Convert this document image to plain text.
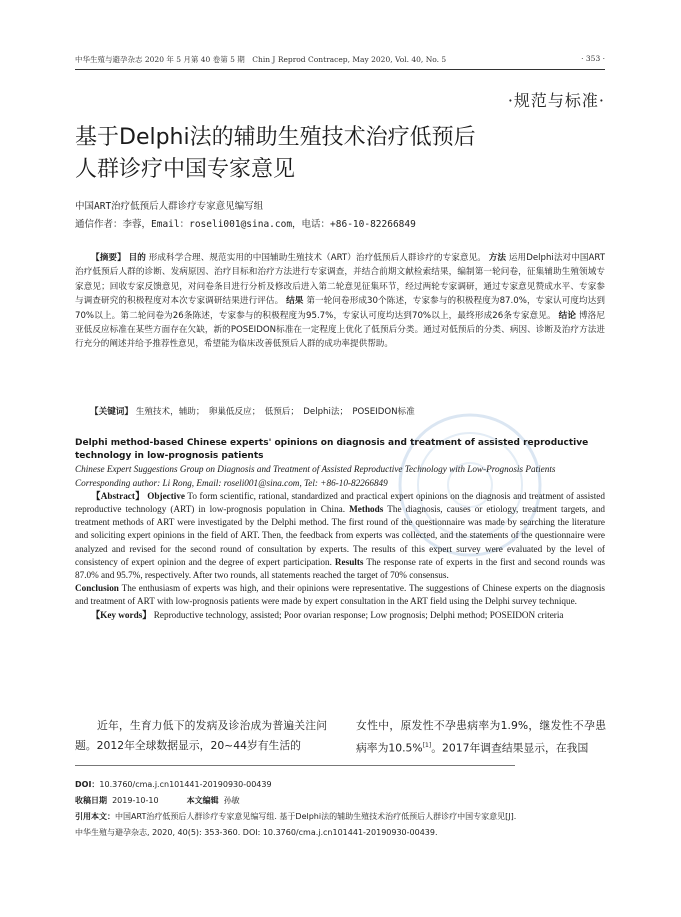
中华生殖与避孕杂志 2020 年 5 月第 40 卷第 5 期　Chin J Reprod Contracep, May 2020, Vol. 40, No. 5	· 353 ·
·规范与标准·
基于Delphi法的辅助生殖技术治疗低预后
人群诊疗中国专家意见
中国ART治疗低预后人群诊疗专家意见编写组
通信作者：李蓉，Email：roseli001@sina.com，电话：+86-10-82266849
【摘要】 目的 形成科学合理、规范实用的中国辅助生殖技术（ART）治疗低预后人群诊疗的专家意见。 方法 运用Delphi法对中国ART治疗低预后人群的诊断、发病原因、治疗目标和治疗方法进行专家调查，并结合前期文献检索结果，编制第一轮问卷，征集辅助生殖领域专家意见；回收专家反馈意见，对问卷条目进行分析及修改后进入第二轮意见征集环节，经过两轮专家调研，通过专家意见赞成水平、专家参与调查研究的积极程度对本次专家调研结果进行评估。 结果 第一轮问卷形成30个陈述，专家参与的积极程度为87.0%，专家认可度均达到70%以上。第二轮问卷为26条陈述，专家参与的积极程度为95.7%，专家认可度均达到70%以上，最终形成26条专家意见。 结论 博洛尼亚低反应标准在某些方面存在欠缺，新的POSEIDON标准在一定程度上优化了低预后分类。通过对低预后的分类、病因、诊断及治疗方法进行充分的阐述并给予推荐性意见，希望能为临床改善低预后人群的成功率提供帮助。
【关键词】 生殖技术，辅助；　卵巢低反应；　低预后；　Delphi法；　POSEIDON标准
Delphi method-based Chinese experts' opinions on diagnosis and treatment of assisted reproductive technology in low-prognosis patients
Chinese Expert Suggestions Group on Diagnosis and Treatment of Assisted Reproductive Technology with Low-Prognosis Patients
Corresponding author: Li Rong, Email: roseli001@sina.com, Tel: +86-10-82266849
【Abstract】 Objective To form scientific, rational, standardized and practical expert opinions on the diagnosis and treatment of assisted reproductive technology (ART) in low-prognosis population in China. Methods The diagnosis, causes or etiology, treatment targets, and treatment methods of ART were investigated by the Delphi method. The first round of the questionnaire was made by searching the literature and soliciting expert opinions in the field of ART. Then, the feedback from experts was collected, and the statements of the questionnaire were analyzed and revised for the second round of consultation by experts. The results of this expert survey were evaluated by the level of consistency of expert opinion and the degree of expert participation. Results The response rate of experts in the first and second rounds was 87.0% and 95.7%, respectively. After two rounds, all statements reached the target of 70% consensus.
Conclusion The enthusiasm of experts was high, and their opinions were representative. The suggestions of Chinese experts on the diagnosis and treatment of ART with low-prognosis patients were made by expert consultation in the ART field using the Delphi survey technique.
【Key words】 Reproductive technology, assisted; Poor ovarian response; Low prognosis; Delphi method; POSEIDON criteria
近年，生育力低下的发病及诊治成为普遍关注问题。2012年全球数据显示，20~44岁有生活的
女性中，原发性不孕患病率为1.9%，继发性不孕患病率为10.5%[1]。2017年调查结果显示，在我国
DOI：10.3760/cma.j.cn101441-20190930-00439
收稿日期 2019-10-10	本文编辑 孙敏
引用本文：中国ART治疗低预后人群诊疗专家意见编写组. 基于Delphi法的辅助生殖技术治疗低预后人群诊疗中国专家意见[J]. 中华生殖与避孕杂志, 2020, 40(5): 353-360. DOI: 10.3760/cma.j.cn101441-20190930-00439.
